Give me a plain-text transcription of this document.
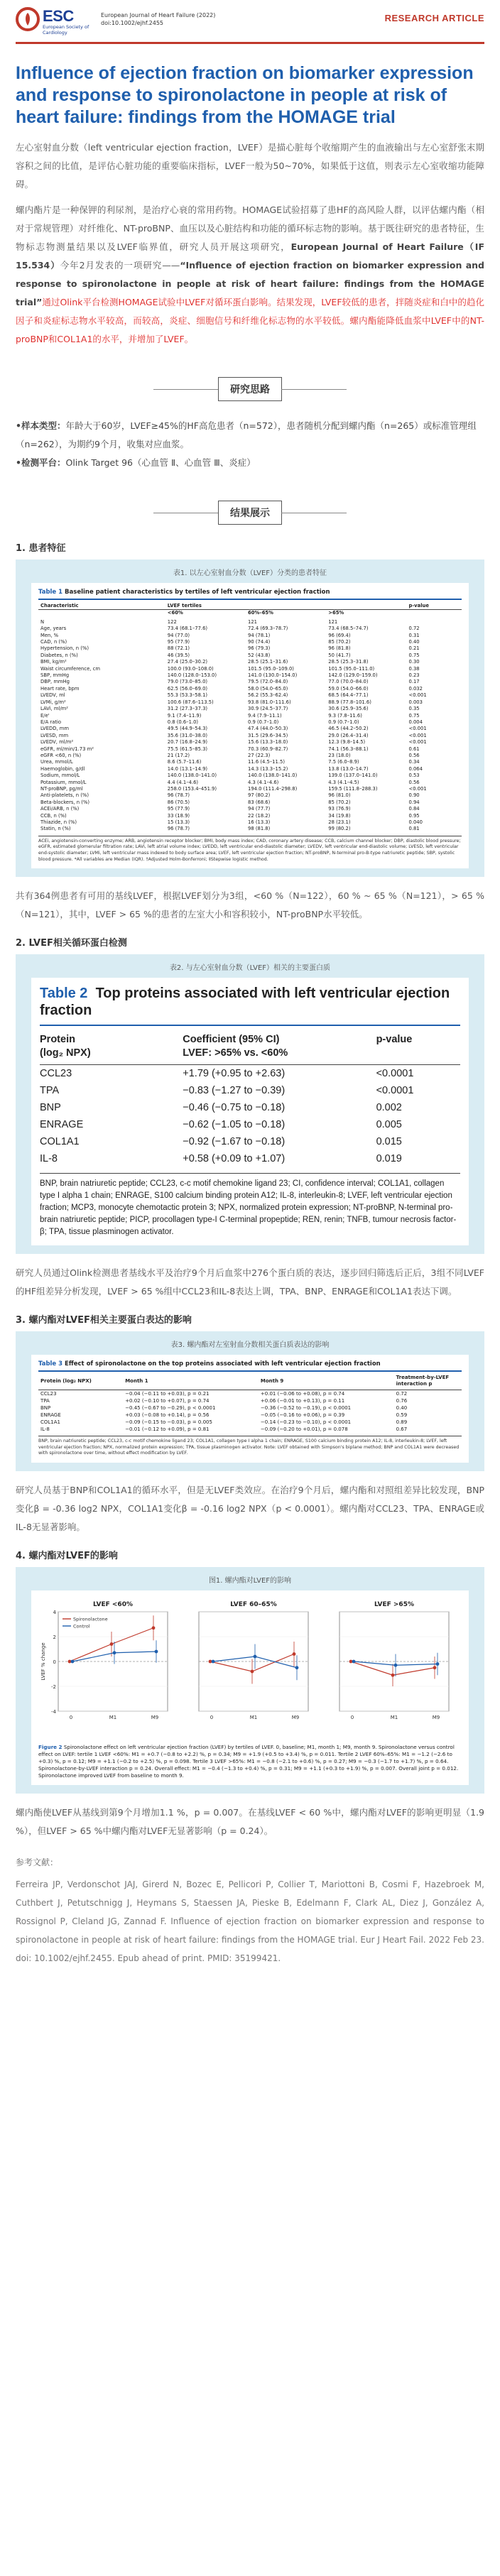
ESC
European Society of Cardiology
European Journal of Heart Failure (2022)
doi:10.1002/ejhf.2455	RESEARCH ARTICLE
Influence of ejection fraction on biomarker expression and response to spironolactone in people at risk of heart failure: findings from the HOMAGE trial

左心室射血分数（left ventricular ejection fraction，LVEF）是描心脏每个收缩期产生的血液输出与左心室舒张末期容积之间的比值，是评估心脏功能的重要临床指标，LVEF一般为50~70%，如果低于这值，则表示左心室收缩功能障碍。

螺内酯片是一种保钾的利尿剂，是治疗心衰的常用药物。HOMAGE试验招募了患HF的高风险人群，以评估螺内酯（相对于常规管理）对纤维化、NT-proBNP、血压以及心脏结构和功能的循环标志物的影响。基于既往研究的患者特征，生物标志物测量结果以及LVEF临界值，研究人员开展这项研究，European Journal of Heart Failure（IF 15.534）今年2月发表的一项研究——“Influence of ejection fraction on biomarker expression and response to spironolactone in people at risk of heart failure: findings from the HOMAGE trial”通过Olink平台检测HOMAGE试验中LVEF对循环蛋白影响。结果发现，LVEF较低的患者，拌随炎症和白中的趋化因子和炎症标志物水平较高，而较高，炎症、细胞信号和纤维化标志物的水平较低。螺内酯能降低血浆中LVEF中的NT-proBNP和COL1A1的水平，并增加了LVEF。

研究思路

•样本类型：年龄大于60岁，LVEF≥45%的HF高危患者（n=572），患者随机分配到螺内酯（n=265）或标准管理组（n=262），为期约9个月，收集对应血浆。

•检测平台：Olink Target 96（心血管 Ⅱ、心血管 Ⅲ、炎症）

结果展示
1. 患者特征
表1. 以左心室射血分数（LVEF）分类的患者特征
Table 1 Baseline patient characteristics by tertiles of left ventricular ejection fraction
Characteristic	LVEF tertiles			p-value
	<60%	60%–65%	>65%	
N	122	121	121	
Age, years	73.4 (68.1–77.6)	72.4 (69.3–78.7)	73.4 (68.5–74.7)	0.72
Men, %	94 (77.0)	94 (78.1)	96 (69.4)	0.31
CAD, n (%)	95 (77.9)	90 (74.4)	85 (70.2)	0.40
Hypertension, n (%)	88 (72.1)	96 (79.3)	96 (81.8)	0.21
Diabetes, n (%)	46 (39.5)	52 (43.8)	50 (41.7)	0.75
BMI, kg/m²	27.4 (25.0–30.2)	28.5 (25.1–31.6)	28.5 (25.3–31.8)	0.30
Waist circumference, cm	100.0 (93.0–108.0)	101.5 (95.0–109.0)	101.5 (95.0–111.0)	0.38
SBP, mmHg	140.0 (128.0–153.0)	141.0 (130.0–154.0)	142.0 (129.0–159.0)	0.23
DBP, mmHg	79.0 (73.0–85.0)	79.5 (72.0–84.0)	77.0 (70.0–84.0)	0.17
Heart rate, bpm	62.5 (56.0–69.0)	58.0 (54.0–65.0)	59.0 (54.0–66.0)	0.032
LVEDV, ml	55.3 (53.3–58.1)	56.2 (55.3–62.4)	68.5 (64.4–77.1)	<0.001
LVMi, g/m²	100.6 (87.6–113.5)	93.8 (81.0–111.6)	88.9 (77.8–101.6)	0.003
LAVi, ml/m²	31.2 (27.3–37.3)	30.9 (24.5–37.7)	30.6 (25.9–35.6)	0.35
E/e'	9.1 (7.4–11.9)	9.4 (7.9–11.1)	9.3 (7.8–11.6)	0.75
E/A ratio	0.8 (0.6–1.0)	0.9 (0.7–1.0)	0.9 (0.7–1.0)	0.004
LVEDD, mm	49.5 (44.9–54.3)	47.4 (44.0–50.3)	46.5 (44.2–50.2)	<0.001
LVESD, mm	35.6 (31.0–38.0)	31.5 (29.6–34.5)	29.0 (26.4–31.4)	<0.001
LVEDV, ml/m²	20.7 (16.8–24.9)	15.6 (13.3–18.0)	12.3 (9.8–14.5)	<0.001
eGFR, ml/min/1.73 m²	75.5 (61.5–85.3)	70.3 (60.9–82.7)	74.1 (56.3–88.1)	0.61
eGFR <60, n (%)	21 (17.2)	27 (22.3)	23 (18.0)	0.56
Urea, mmol/L	8.6 (5.7–11.6)	11.6 (4.5–11.5)	7.5 (6.0–8.9)	0.34
Haemoglobin, g/dl	14.0 (13.1–14.9)	14.3 (13.3–15.2)	13.8 (13.0–14.7)	0.064
Sodium, mmol/L	140.0 (138.0–141.0)	140.0 (138.0–141.0)	139.0 (137.0–141.0)	0.53
Potassium, mmol/L	4.4 (4.1–4.6)	4.3 (4.1–4.6)	4.3 (4.1–4.5)	0.56
NT-proBNP, pg/ml	258.0 (153.4–451.9)	194.0 (111.4–298.8)	159.5 (111.8–288.3)	<0.001
Anti-platelets, n (%)	96 (78.7)	97 (80.2)	96 (81.0)	0.90
Beta-blockers, n (%)	86 (70.5)	83 (68.6)	85 (70.2)	0.94
ACEi/ARB, n (%)	95 (77.9)	94 (77.7)	93 (76.9)	0.84
CCB, n (%)	33 (18.9)	22 (18.2)	34 (19.8)	0.95
Thiazide, n (%)	15 (13.3)	16 (13.3)	28 (23.1)	0.040
Statin, n (%)	96 (78.7)	98 (81.8)	99 (80.2)	0.81
ACEi, angiotensin-converting enzyme; ARB, angiotensin receptor blocker; BMI, body mass index; CAD, coronary artery disease; CCB, calcium channel blocker; DBP, diastolic blood pressure; eGFR, estimated glomerular filtration rate; LAVi, left atrial volume index; LVEDD, left ventricular end-diastolic diameter; LVEDV, left ventricular end-diastolic volume; LVESD, left ventricular end-systolic diameter; LVMi, left ventricular mass indexed to body surface area; LVEF, left ventricular ejection fraction; NT-proBNP, N-terminal pro-B-type natriuretic peptide; SBP, systolic blood pressure. *All variables are Median (IQR). †Adjusted Holm-Bonferroni; ‡Stepwise logistic method.

共有364例患者有可用的基线LVEF，根据LVEF划分为3组，<60 %（N=122），60 % ~ 65 %（N=121），> 65 %（N=121），其中，LVEF > 65 %的患者的左室大小和容积较小，NT-proBNP水平较低。

2. LVEF相关循环蛋白检测
表2. 与左心室射血分数（LVEF）相关的主要蛋白质
Table 2 Top proteins associated with left ventricular ejection fraction
Protein
(log₂ NPX)	Coefficient (95% CI)
LVEF: >65% vs. <60%	p-value
CCL23	+1.79 (+0.95 to +2.63)	<0.0001
TPA	−0.83 (−1.27 to −0.39)	<0.0001
BNP	−0.46 (−0.75 to −0.18)	0.002
ENRAGE	−0.62 (−1.05 to −0.18)	0.005
COL1A1	−0.92 (−1.67 to −0.18)	0.015
IL-8	+0.58 (+0.09 to +1.07)	0.019
BNP, brain natriuretic peptide; CCL23, c-c motif chemokine ligand 23; CI, confidence interval; COL1A1, collagen type I alpha 1 chain; ENRAGE, S100 calcium binding protein A12; IL-8, interleukin-8; LVEF, left ventricular ejection fraction; MCP3, monocyte chemotactic protein 3; NPX, normalized protein expression; NT-proBNP, N-terminal pro-brain natriuretic peptide; PICP, procollagen type-I C-terminal propeptide; REN, renin; TNFB, tumour necrosis factor-β; TPA, tissue plasminogen activator.

研究人员通过Olink检测患者基线水平及治疗9个月后血浆中276个蛋白质的表达，逐步回归筛选后正后，3组不同LVEF的HF组差异分析发现，LVEF > 65 %组中CCL23和IL-8表达上调，TPA、BNP、ENRAGE和COL1A1表达下调。

3. 螺内酯对LVEF相关主要蛋白表达的影响
表3. 螺内酯对左室射血分数相关蛋白质表达的影响
Table 3 Effect of spironolactone on the top proteins associated with left ventricular ejection fraction
Protein (log₂ NPX)	Month 1	Month 9	Treatment-by-LVEF
interaction p
CCL23	−0.04 (−0.11 to +0.03), p = 0.21	+0.01 (−0.06 to +0.08), p = 0.74	0.72
TPA	+0.02 (−0.10 to +0.07), p = 0.74	+0.06 (−0.01 to +0.13), p = 0.11	0.76
BNP	−0.45 (−0.67 to −0.29), p < 0.0001	−0.36 (−0.52 to −0.19), p < 0.0001	0.40
ENRAGE	+0.03 (−0.08 to +0.14), p = 0.56	−0.05 (−0.16 to +0.06), p = 0.39	0.59
COL1A1	−0.09 (−0.15 to −0.03), p = 0.005	−0.14 (−0.23 to −0.10), p < 0.0001	0.89
IL-8	−0.01 (−0.12 to +0.09), p = 0.81	−0.09 (−0.20 to +0.01), p = 0.078	0.67
BNP, brain natriuretic peptide; CCL23, c-c motif chemokine ligand 23; COL1A1, collagen type I alpha 1 chain; ENRAGE, S100 calcium binding protein A12; IL-8, interleukin-8; LVEF, left ventricular ejection fraction; NPX, normalized protein expression; TPA, tissue plasminogen activator. Note: LVEF obtained with Simpson's biplane method; BNP and COL1A1 were decreased with spironolactone over time, without effect modification by LVEF.

研究人员基于BNP和COL1A1的循环水平，但是无LVEF类效应。在治疗9个月后，螺内酯和对照组差异比较发现，BNP变化β = -0.36 log2 NPX，COL1A1变化β = -0.16 log2 NPX（p < 0.0001）。螺内酯对CCL23、TPA、ENRAGE或IL-8无显著影响。

4. 螺内酯对LVEF的影响
图1. 螺内酯对LVEF的影响
LVEF <60%
-4
-2
0
2
4
LVEF % change
0	M1	M9
Spironolactone
Control
LVEF 60–65%
0	M1	M9
LVEF >65%
0	M1	M9
Figure 2 Spironolactone effect on left ventricular ejection fraction (LVEF) by tertiles of LVEF. 0, baseline; M1, month 1; M9, month 9. Spironolactone versus control effect on LVEF: tertile 1 LVEF <60%: M1 = +0.7 (−0.8 to +2.2) %, p = 0.34; M9 = +1.9 (+0.5 to +3.4) %, p = 0.011. Tertile 2 LVEF 60%–65%: M1 = −1.2 (−2.6 to +0.3) %, p = 0.12; M9 = +1.1 (−0.2 to +2.5) %, p = 0.098. Tertile 3 LVEF >65%: M1 = −0.8 (−2.1 to +0.6) %, p = 0.27; M9 = −0.3 (−1.7 to +1.7) %, p = 0.64. Spironolactone-by-LVEF interaction p = 0.24. Overall effect: M1 = −0.4 (−1.3 to +0.4) %, p = 0.31; M9 = +1.1 (+0.3 to +1.9) %, p = 0.007. Overall joint p = 0.012. Spironolactone improved LVEF from baseline to month 9.

螺内酯使LVEF从基线到第9个月增加1.1 %，p = 0.007。在基线LVEF < 60 %中，螺内酯对LVEF的影响更明显（1.9 %），但LVEF > 65 %中螺内酯对LVEF无显著影响（p = 0.24）。

参考文献：

Ferreira JP, Verdonschot JAJ, Girerd N, Bozec E, Pellicori P, Collier T, Mariottoni B, Cosmi F, Hazebroek M, Cuthbert J, Petutschnigg J, Heymans S, Staessen JA, Pieske B, Edelmann F, Clark AL, Diez J, González A, Rossignol P, Cleland JG, Zannad F. Influence of ejection fraction on biomarker expression and response to spironolactone in people at risk of heart failure: findings from the HOMAGE trial. Eur J Heart Fail. 2022 Feb 23. doi: 10.1002/ejhf.2455. Epub ahead of print. PMID: 35199421.
